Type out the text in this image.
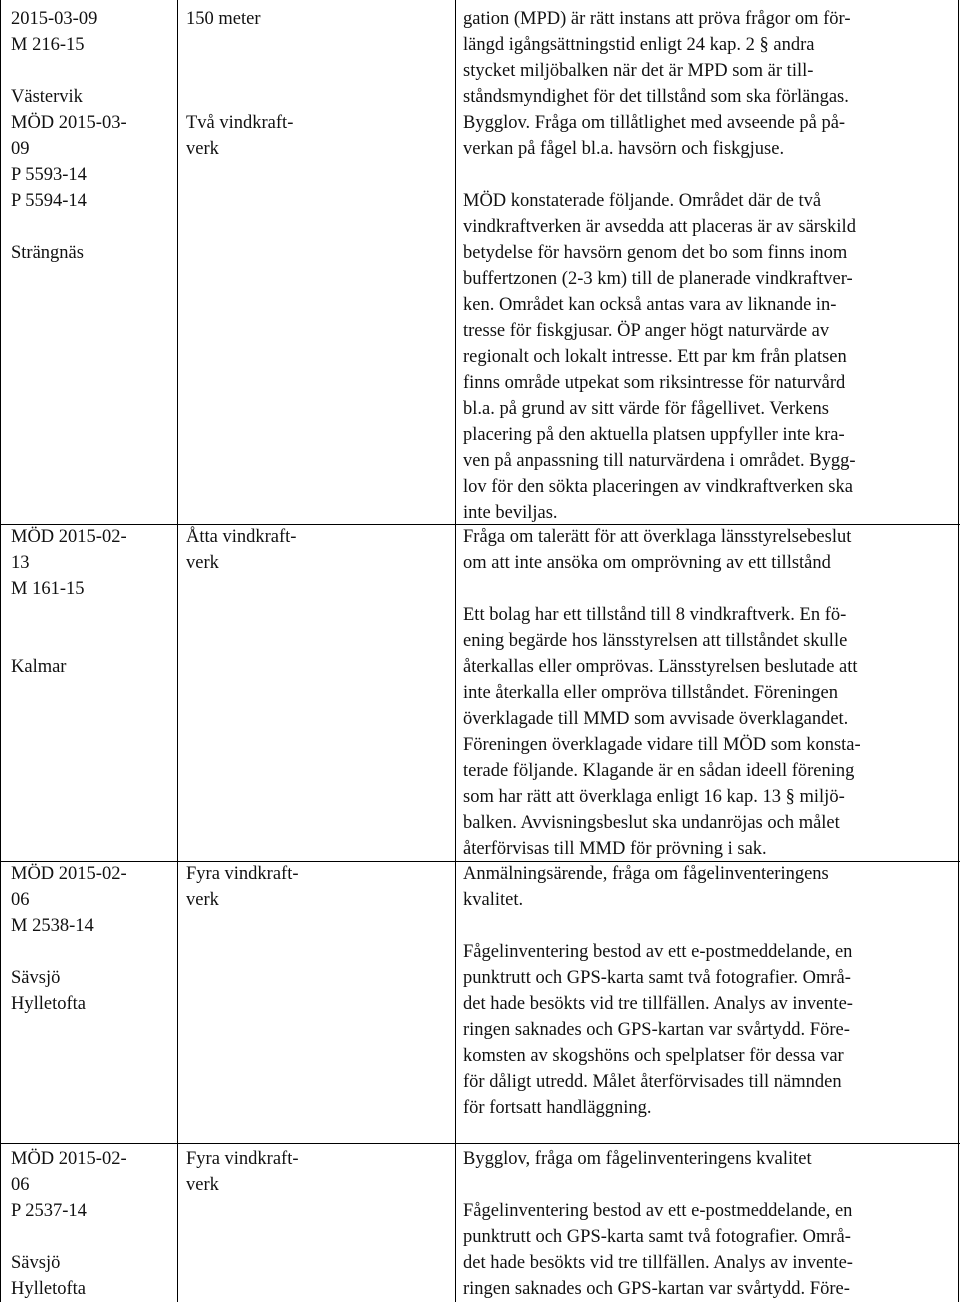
2015-03-09
M 216-15
Västervik
MÖD 2015-03-
09
P 5593-14
P 5594-14
Strängnäs
150 meter
Två vindkraft-
verk
gation (MPD) är rätt instans att pröva frågor om för-
längd igångsättningstid enligt 24 kap. 2 § andra
stycket miljöbalken när det är MPD som är till-
ståndsmyndighet för det tillstånd som ska förlängas.
Bygglov. Fråga om tillåtlighet med avseende på på-
verkan på fågel bl.a. havsörn och fiskgjuse.
MÖD konstaterade följande. Området där de två
vindkraftverken är avsedda att placeras är av särskild
betydelse för havsörn genom det bo som finns inom
buffertzonen (2-3 km) till de planerade vindkraftver-
ken. Området kan också antas vara av liknande in-
tresse för fiskgjusar. ÖP anger högt naturvärde av
regionalt och lokalt intresse. Ett par km från platsen
finns område utpekat som riksintresse för naturvård
bl.a. på grund av sitt värde för fågellivet. Verkens
placering på den aktuella platsen uppfyller inte kra-
ven på anpassning till naturvärdena i området. Bygg-
lov för den sökta placeringen av vindkraftverken ska
inte beviljas.
MÖD 2015-02-
13
M 161-15
Kalmar
Åtta vindkraft-
verk
Fråga om talerätt för att överklaga länsstyrelsebeslut
om att inte ansöka om omprövning av ett tillstånd
Ett bolag har ett tillstånd till 8 vindkraftverk. En fö-
ening begärde hos länsstyrelsen att tillståndet skulle
återkallas eller omprövas. Länsstyrelsen beslutade att
inte återkalla eller ompröva tillståndet. Föreningen
överklagade till MMD som avvisade överklagandet.
Föreningen överklagade vidare till MÖD som konsta-
terade följande. Klagande är en sådan ideell förening
som har rätt att överklaga enligt 16 kap. 13 § miljö-
balken. Avvisningsbeslut ska undanröjas och målet
återförvisas till MMD för prövning i sak.
MÖD 2015-02-
06
M 2538-14
Sävsjö
Hylletofta
Fyra vindkraft-
verk
Anmälningsärende, fråga om fågelinventeringens
kvalitet.
Fågelinventering bestod av ett e-postmeddelande, en
punktrutt och GPS-karta samt två fotografier. Områ-
det hade besökts vid tre tillfällen. Analys av invente-
ringen saknades och GPS-kartan var svårtydd. Före-
komsten av skogshöns och spelplatser för dessa var
för dåligt utredd. Målet återförvisades till nämnden
för fortsatt handläggning.
MÖD 2015-02-
06
P 2537-14
Sävsjö
Hylletofta
Fyra vindkraft-
verk
Bygglov, fråga om fågelinventeringens kvalitet
Fågelinventering bestod av ett e-postmeddelande, en
punktrutt och GPS-karta samt två fotografier. Områ-
det hade besökts vid tre tillfällen. Analys av invente-
ringen saknades och GPS-kartan var svårtydd. Före-
